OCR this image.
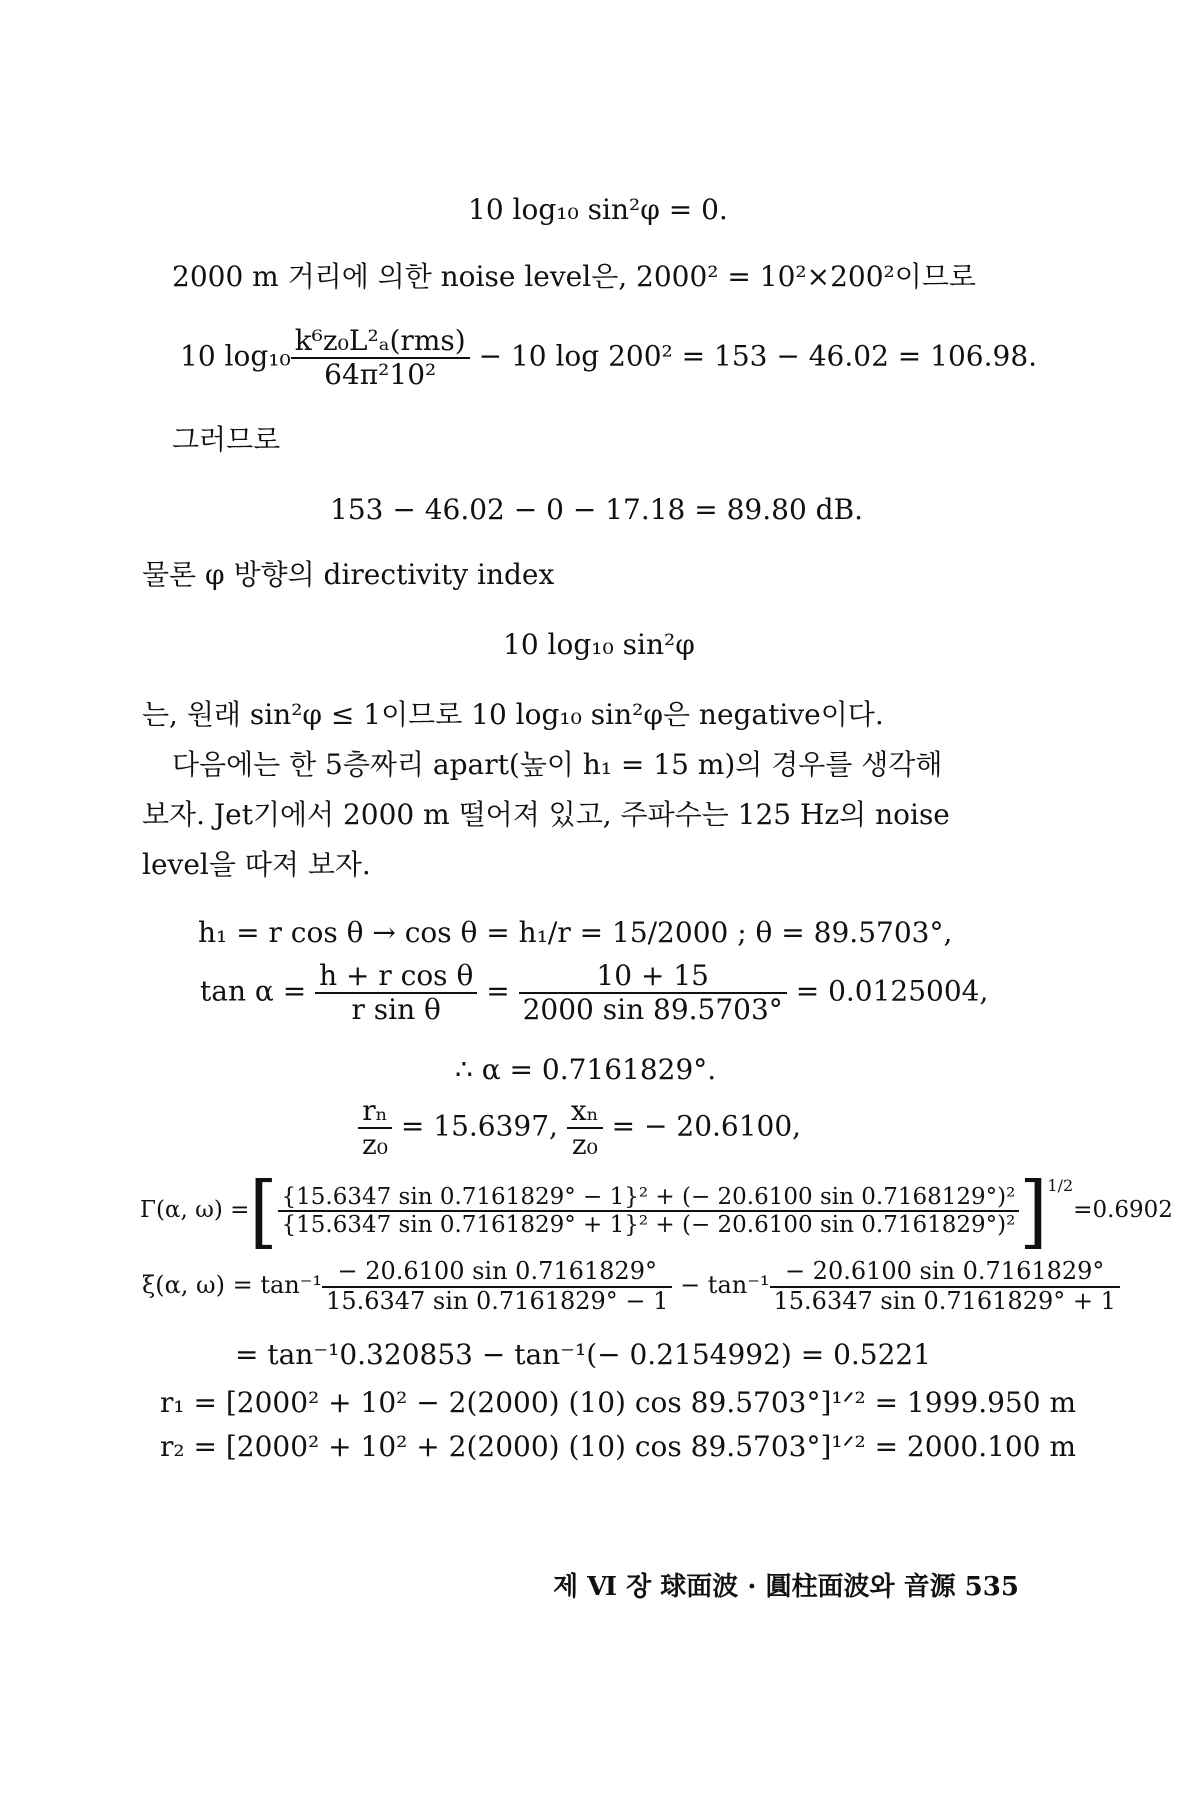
10 log₁₀ sin²φ = 0.
2000 m 거리에 의한 noise level은, 2000² = 10²×200²이므로
10 $\log_{10} \frac{\text{k⁶z₀L²ₐ(rms)}}{\text{64π²10²}} - 10$ log 200² = 153 − 46.02 = 106.98.
그러므로
153 − 46.02 − 0 − 17.18 = 89.80 dB.
물론 φ 방향의 directivity index
10 log₁₀ sin²φ
는, 원래 sin²φ ≤ 1이므로 10 log₁₀ sin²φ은 negative이다.
다음에는 한 5층짜리 apart(높이 h₁ = 15 m)의 경우를 생각해
보자. Jet기에서 2000 m 떨어져 있고, 주파수는 125 Hz의 noise
level을 따져 보자.
h₁ = r cos θ → cos θ = h₁/r = 15/2000 ; θ = 89.5703°,
$\tan \alpha = \frac{\text{h + r cos θ}}{\text{r sin θ}} = \frac{10 + 15}{2000 \sin 89.5703^\circ} = 0.0125004$,
∴ α = 0.7161829°.
$\frac{\text{rₙ}}{\text{z₀}} = 15.6397$, $\frac{\text{xₙ}}{\text{z₀}}$ = − 20.6100,
Γ(α, ω) =[ $\frac{\text{\{15.6347 sin 0.7161829° − 1\}² + (− 20.6100 sin 0.7168129°)²}}{\text{\{15.6347 sin 0.7161829° + 1\}² + (− 20.6100 sin 0.7161829°)²}} ]^{1/2}=0.6902$
ξ(α, $\omega) = \tan^{-1} \frac{- 20.6100 \sin 0.7161829^\circ}{15.6347 \sin 0.7161829^\circ - 1} - \tan^{-1} \frac{- 20.6100 \sin 0.7161829^\circ}{15.6347 \sin 0.7161829^\circ + 1}$
= tan⁻¹0.320853 − tan⁻¹(− 0.2154992) = 0.5221
r₁ = [2000² + 10² − 2(2000) (10) cos 89.5703°]¹ᐟ² = 1999.950 m
r₂ = [2000² + 10² + 2(2000) (10) cos 89.5703°]¹ᐟ² = 2000.100 m
제 Ⅵ 장 球面波 · 圓柱面波와 音源 535
